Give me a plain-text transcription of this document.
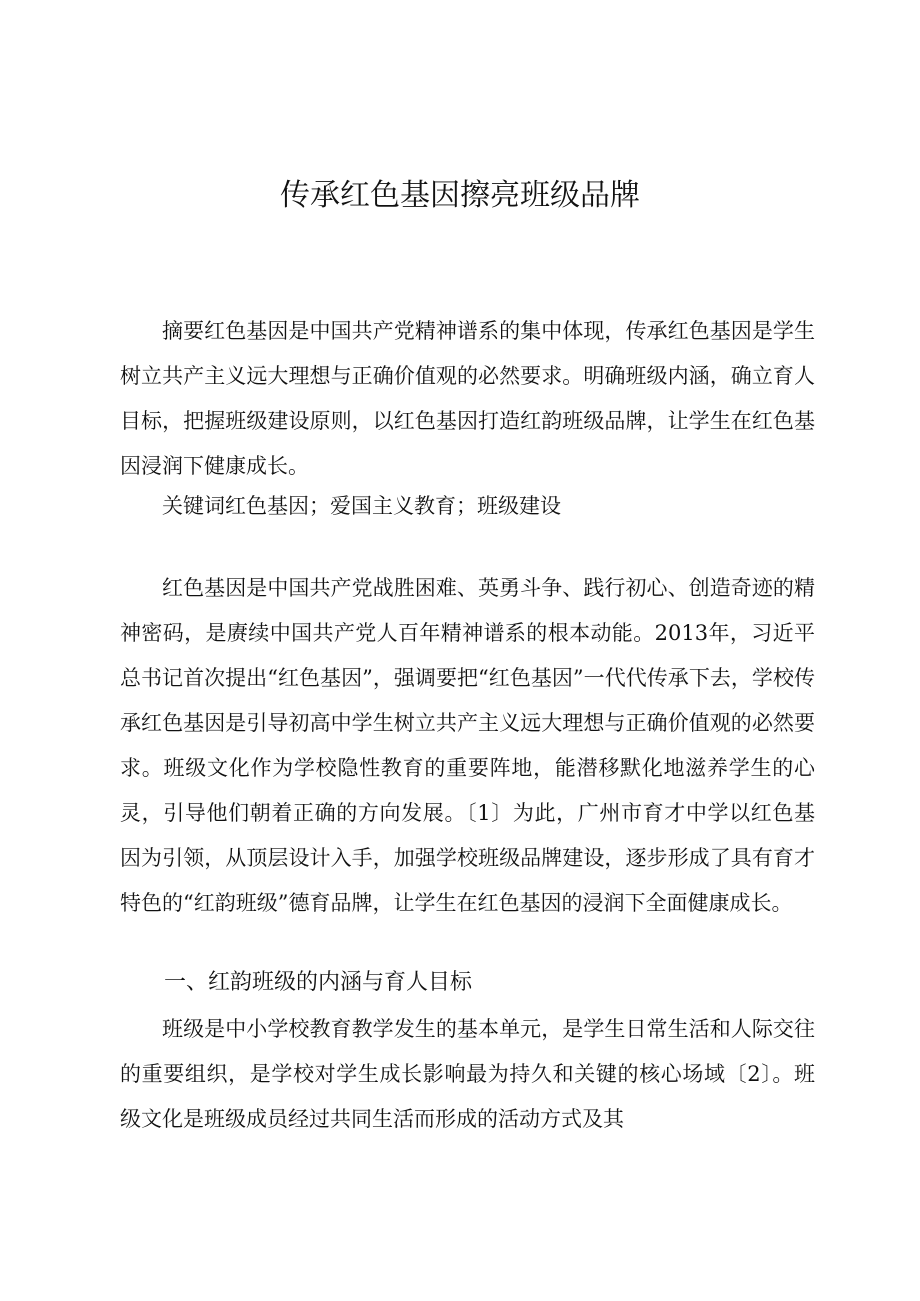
传承红色基因擦亮班级品牌

摘要红色基因是中国共产党精神谱系的集中体现，传承红色基因是学生树立共产主义远大理想与正确价值观的必然要求。明确班级内涵，确立育人目标，把握班级建设原则，以红色基因打造红韵班级品牌，让学生在红色基因浸润下健康成长。

关键词红色基因；爱国主义教育；班级建设

红色基因是中国共产党战胜困难、英勇斗争、践行初心、创造奇迹的精神密码，是赓续中国共产党人百年精神谱系的根本动能。2013年，习近平总书记首次提出“红色基因”，强调要把“红色基因”一代代传承下去，学校传承红色基因是引导初高中学生树立共产主义远大理想与正确价值观的必然要求。班级文化作为学校隐性教育的重要阵地，能潜移默化地滋养学生的心灵，引导他们朝着正确的方向发展。〔1〕为此，广州市育才中学以红色基因为引领，从顶层设计入手，加强学校班级品牌建设，逐步形成了具有育才特色的“红韵班级”德育品牌，让学生在红色基因的浸润下全面健康成长。

一、红韵班级的内涵与育人目标

班级是中小学校教育教学发生的基本单元，是学生日常生活和人际交往的重要组织，是学校对学生成长影响最为持久和关键的核心场域〔2〕。班级文化是班级成员经过共同生活而形成的活动方式及其
